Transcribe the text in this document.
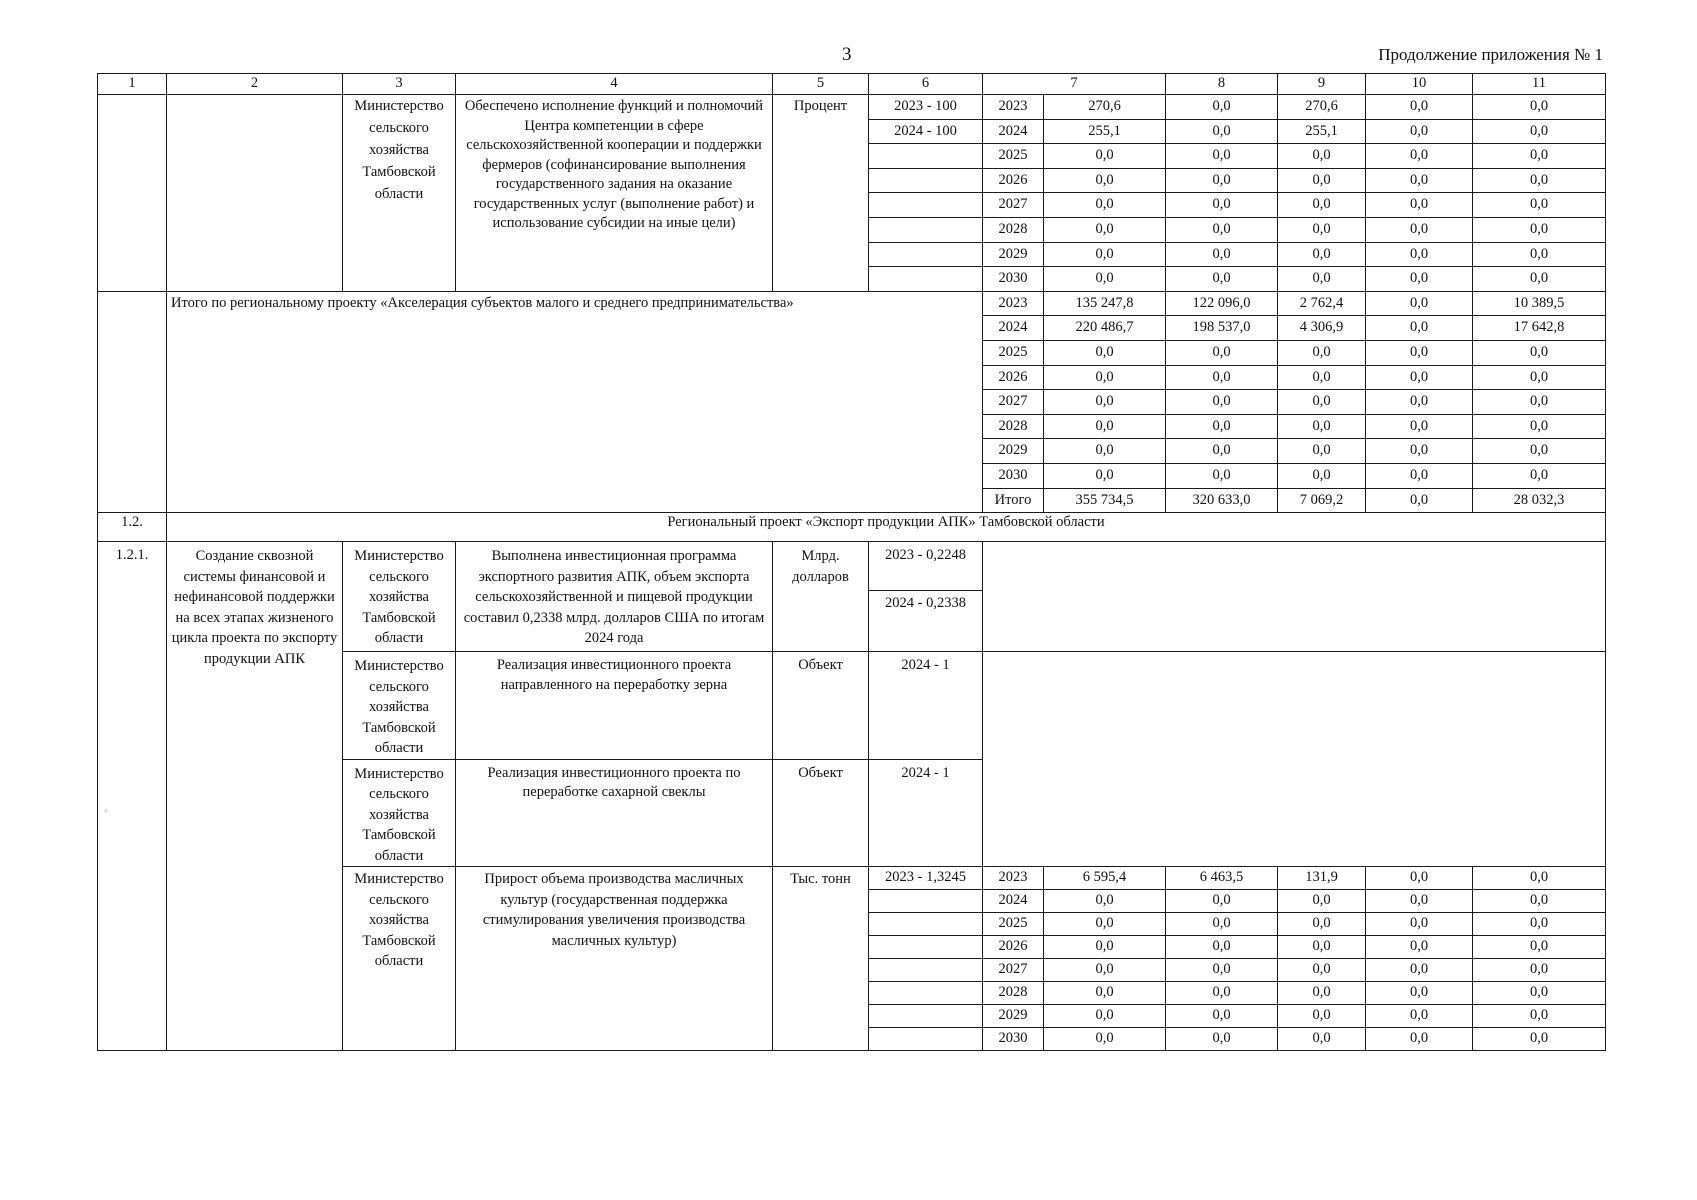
3	Продолжение приложения № 1
1	2	3	4	5	6	7		8	9	10	11
		Министерство сельского хозяйства Тамбовской области	Обеспечено исполнение функций и полномочий Центра компетенции в сфере сельскохозяйственной кооперации и поддержки фермеров (софинансирование выполнения государственного задания на оказание государственных услуг (выполнение работ) и использование субсидии на иные цели)	Процент	2023 - 100	2023	270,6	0,0	270,6	0,0	0,0
					2024 - 100	2024	255,1	0,0	255,1	0,0	0,0
						2025	0,0	0,0	0,0	0,0	0,0
						2026	0,0	0,0	0,0	0,0	0,0
						2027	0,0	0,0	0,0	0,0	0,0
						2028	0,0	0,0	0,0	0,0	0,0
						2029	0,0	0,0	0,0	0,0	0,0
						2030	0,0	0,0	0,0	0,0	0,0
	Итого по региональному проекту «Акселерация субъектов малого и среднего предпринимательства»					2023	135 247,8	122 096,0	2 762,4	0,0	10 389,5
						2024	220 486,7	198 537,0	4 306,9	0,0	17 642,8
						2025	0,0	0,0	0,0	0,0	0,0
						2026	0,0	0,0	0,0	0,0	0,0
						2027	0,0	0,0	0,0	0,0	0,0
						2028	0,0	0,0	0,0	0,0	0,0
						2029	0,0	0,0	0,0	0,0	0,0
						2030	0,0	0,0	0,0	0,0	0,0
						Итого	355 734,5	320 633,0	7 069,2	0,0	28 032,3
1.2.	Региональный проект «Экспорт продукции АПК» Тамбовской области										
1.2.1.	Создание сквозной системы финансовой и нефинансовой поддержки на всех этапах жизненого цикла проекта по экспорту продукции АПК	Министерство сельского хозяйства Тамбовской области	Выполнена инвестиционная программа экспортного развития АПК, объем экспорта сельскохозяйственной и пищевой продукции составил 0,2338 млрд. долларов США по итогам 2024 года	Млрд. долларов	2023 - 0,2248						
					2024 - 0,2338						
		Министерство сельского хозяйства Тамбовской области	Реализация инвестиционного проекта направленного на переработку зерна	Объект	2024 - 1						
		Министерство сельского хозяйства Тамбовской области	Реализация инвестиционного проекта по переработке сахарной свеклы	Объект	2024 - 1						
		Министерство сельского хозяйства Тамбовской области	Прирост объема производства масличных культур (государственная поддержка стимулирования увеличения производства масличных культур)	Тыс. тонн	2023 - 1,3245	2023	6 595,4	6 463,5	131,9	0,0	0,0
						2024	0,0	0,0	0,0	0,0	0,0
						2025	0,0	0,0	0,0	0,0	0,0
						2026	0,0	0,0	0,0	0,0	0,0
						2027	0,0	0,0	0,0	0,0	0,0
						2028	0,0	0,0	0,0	0,0	0,0
						2029	0,0	0,0	0,0	0,0	0,0
						2030	0,0	0,0	0,0	0,0	0,0
°
